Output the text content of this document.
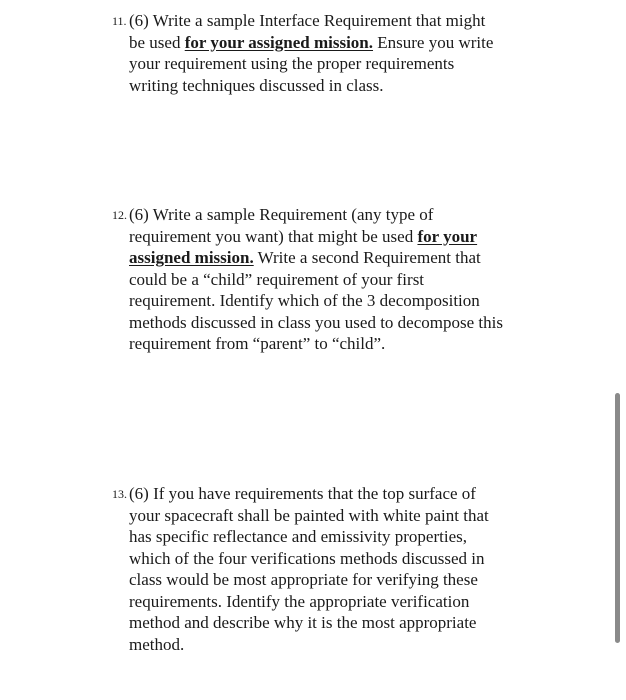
11. (6) Write a sample Interface Requirement that might
be used for your assigned mission. Ensure you write
your requirement using the proper requirements
writing techniques discussed in class.
12. (6) Write a sample Requirement (any type of
requirement you want) that might be used for your
assigned mission. Write a second Requirement that
could be a “child” requirement of your first
requirement. Identify which of the 3 decomposition
methods discussed in class you used to decompose this
requirement from “parent” to “child”.
13. (6) If you have requirements that the top surface of
your spacecraft shall be painted with white paint that
has specific reflectance and emissivity properties,
which of the four verifications methods discussed in
class would be most appropriate for verifying these
requirements. Identify the appropriate verification
method and describe why it is the most appropriate
method.
